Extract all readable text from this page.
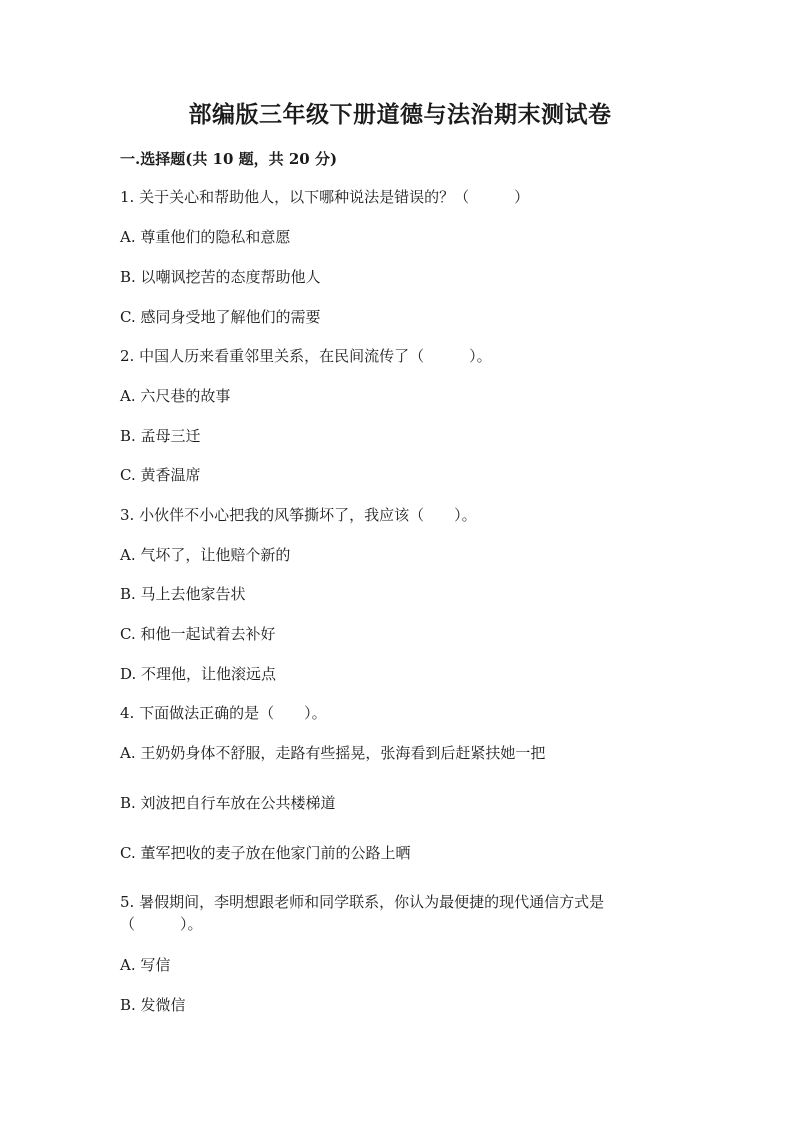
部编版三年级下册道德与法治期末测试卷
一.选择题(共 10 题，共 20 分)
1. 关于关心和帮助他人，以下哪种说法是错误的？（　　　）
A. 尊重他们的隐私和意愿
B. 以嘲讽挖苦的态度帮助他人
C. 感同身受地了解他们的需要
2. 中国人历来看重邻里关系，在民间流传了（　　　）。
A. 六尺巷的故事
B. 孟母三迁
C. 黄香温席
3. 小伙伴不小心把我的风筝撕坏了，我应该（　　）。
A. 气坏了，让他赔个新的
B. 马上去他家告状
C. 和他一起试着去补好
D. 不理他，让他滚远点
4. 下面做法正确的是（　　）。
A. 王奶奶身体不舒服，走路有些摇晃，张海看到后赶紧扶她一把
B. 刘波把自行车放在公共楼梯道
C. 董军把收的麦子放在他家门前的公路上晒
5. 暑假期间，李明想跟老师和同学联系，你认为最便捷的现代通信方式是（　　　）。
A. 写信
B. 发微信
